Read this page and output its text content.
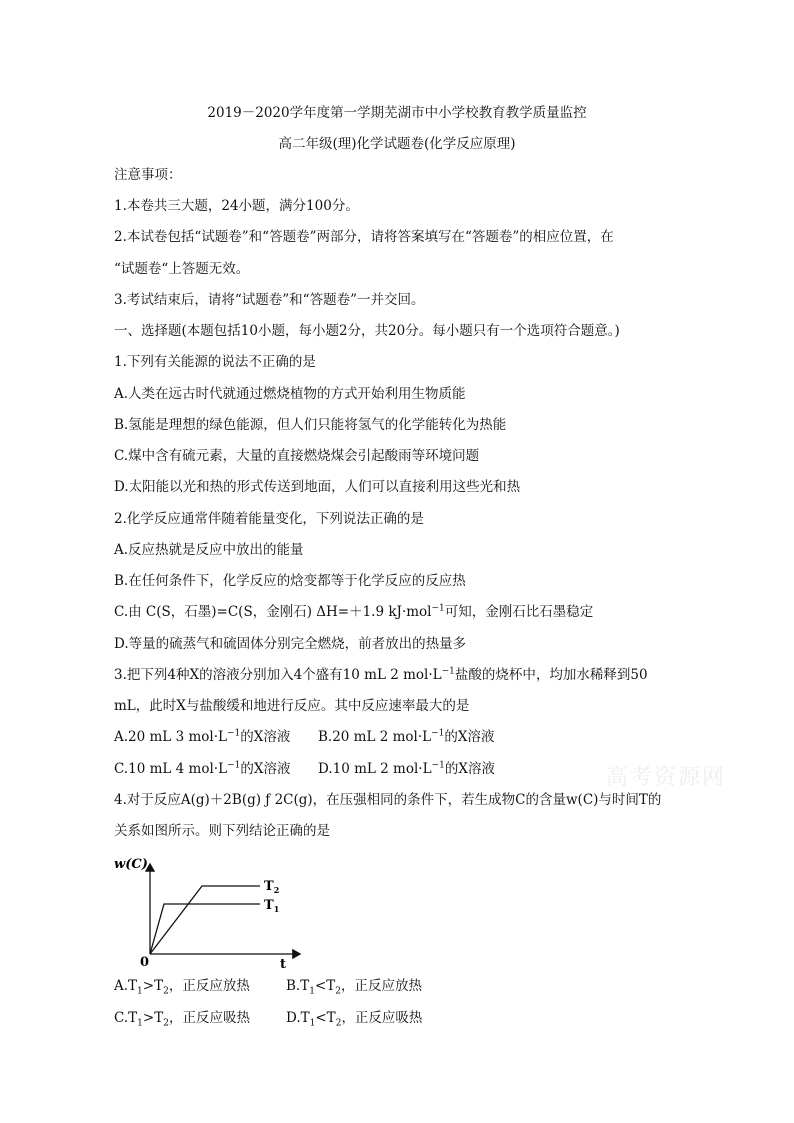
2019－2020学年度第一学期芜湖市中小学校教育教学质量监控
高二年级(理)化学试题卷(化学反应原理)
注意事项：
1.本卷共三大题，24小题，满分100分。
2.本试卷包括“试题卷”和“答题卷”两部分，请将答案填写在“答题卷”的相应位置，在
“试题卷“上答题无效。
3.考试结束后，请将“试题卷”和“答题卷”一并交回。
一、选择题(本题包括10小题，每小题2分，共20分。每小题只有一个选项符合题意。)
1.下列有关能源的说法不正确的是
A.人类在远古时代就通过燃烧植物的方式开始利用生物质能
B.氢能是理想的绿色能源，但人们只能将氢气的化学能转化为热能
C.煤中含有硫元素，大量的直接燃烧煤会引起酸雨等环境问题
D.太阳能以光和热的形式传送到地面，人们可以直接利用这些光和热
2.化学反应通常伴随着能量变化，下列说法正确的是
A.反应热就是反应中放出的能量
B.在任何条件下，化学反应的焓变都等于化学反应的反应热
C.由 C(S，石墨)=C(S，金刚石) ΔH=＋1.9 kJ·mol$^{-1}$可知，金刚石比石墨稳定
D.等量的硫蒸气和硫固体分别完全燃烧，前者放出的热量多
3.把下列4种X的溶液分别加入4个盛有10 mL 2 $mol\cdot L^{-1}$盐酸的烧杯中，均加水稀释到50
mL，此时X与盐酸缓和地进行反应。其中反应速率最大的是
A.20 mL 3 $mol\cdot L^{-1}$的X溶液 B.20 mL 2 $mol\cdot L^{-1}$的X溶液
C.10 mL 4 $mol\cdot L^{-1}$的X溶液 D.10 mL 2 $mol\cdot L^{-1}$的X溶液	高考资源网
4.对于反应A(g)＋2B(g) ƒ 2C(g)，在压强相同的条件下，若生成物C的含量w(C)与时间T的
关系如图所示。则下列结论正确的是
w(C)
t
0
$T_2$
$T_1$
$A.T_1>T_2$，正反应放热	$B.T_1<T_2$，正反应放热
$C.T_1>T_2$，正反应吸热	$D.T_1<T_2$，正反应吸热
